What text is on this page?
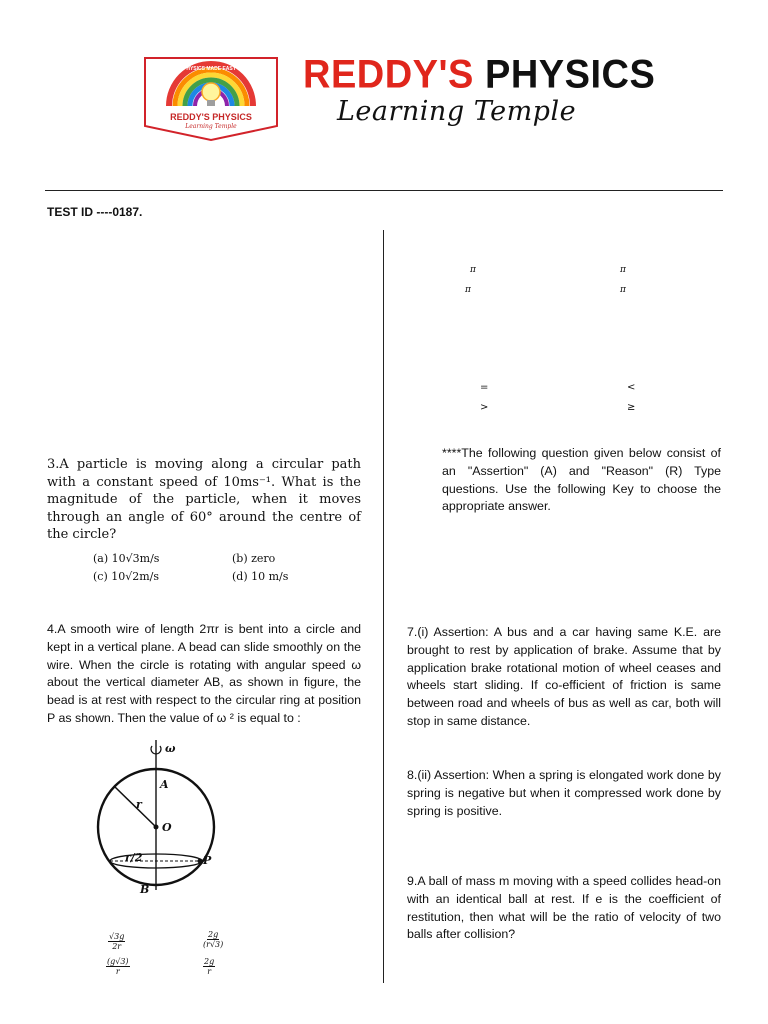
PHYSICS MADE EASY
REDDY'S PHYSICS
Learning Temple
REDDY'S PHYSICS
Learning Temple
TEST ID ----0187.
3.A particle is moving along a circular path with a constant speed of 10ms⁻¹. What is the magnitude of the particle, when it moves through an angle of 60° around the centre of the circle?
(a) 10√3m/s	(b) zero
(c) 10√2m/s	(d) 10 m/s
4.A smooth wire of length 2πr is bent into a circle and kept in a vertical plane. A bead can slide smoothly on the wire. When the circle is rotating with angular speed ω about the vertical diameter AB, as shown in figure, the bead is at rest with respect to the circular ring at position P as shown. Then the value of ω ² is equal to :
ω
A
r
O
r/2	P
B
$\frac{√3g}{2r}$	$\frac{2g}{(r√3)}$
$\frac{(g√3)}{r}$	$\frac{2g}{r}$
π	π
π	π
=	<
>	≥
****The following question given below consist of an "Assertion" (A) and "Reason" (R) Type questions. Use the following Key to choose the appropriate answer.
7.(i) Assertion: A bus and a car having same K.E. are brought to rest by application of brake. Assume that by application brake rotational motion of wheel ceases and wheels start sliding. If co-efficient of friction is same between road and wheels of bus as well as car, both will stop in same distance.
8.(ii) Assertion: When a spring is elongated work done by spring is negative but when it compressed work done by spring is positive.
9.A ball of mass m moving with a speed collides head-on with an identical ball at rest. If e is the coefficient of restitution, then what will be the ratio of velocity of two balls after collision?
